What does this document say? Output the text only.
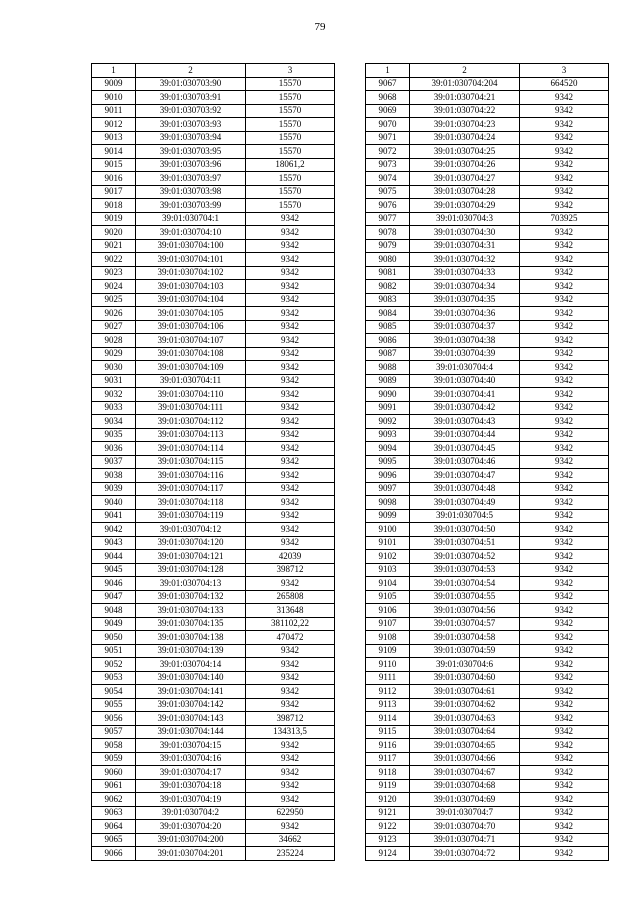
79
1	2	3
9009	39:01:030703:90	15570
9010	39:01:030703:91	15570
9011	39:01:030703:92	15570
9012	39:01:030703:93	15570
9013	39:01:030703:94	15570
9014	39:01:030703:95	15570
9015	39:01:030703:96	18061,2
9016	39:01:030703:97	15570
9017	39:01:030703:98	15570
9018	39:01:030703:99	15570
9019	39:01:030704:1	9342
9020	39:01:030704:10	9342
9021	39:01:030704:100	9342
9022	39:01:030704:101	9342
9023	39:01:030704:102	9342
9024	39:01:030704:103	9342
9025	39:01:030704:104	9342
9026	39:01:030704:105	9342
9027	39:01:030704:106	9342
9028	39:01:030704:107	9342
9029	39:01:030704:108	9342
9030	39:01:030704:109	9342
9031	39:01:030704:11	9342
9032	39:01:030704:110	9342
9033	39:01:030704:111	9342
9034	39:01:030704:112	9342
9035	39:01:030704:113	9342
9036	39:01:030704:114	9342
9037	39:01:030704:115	9342
9038	39:01:030704:116	9342
9039	39:01:030704:117	9342
9040	39:01:030704:118	9342
9041	39:01:030704:119	9342
9042	39:01:030704:12	9342
9043	39:01:030704:120	9342
9044	39:01:030704:121	42039
9045	39:01:030704:128	398712
9046	39:01:030704:13	9342
9047	39:01:030704:132	265808
9048	39:01:030704:133	313648
9049	39:01:030704:135	381102,22
9050	39:01:030704:138	470472
9051	39:01:030704:139	9342
9052	39:01:030704:14	9342
9053	39:01:030704:140	9342
9054	39:01:030704:141	9342
9055	39:01:030704:142	9342
9056	39:01:030704:143	398712
9057	39:01:030704:144	134313,5
9058	39:01:030704:15	9342
9059	39:01:030704:16	9342
9060	39:01:030704:17	9342
9061	39:01:030704:18	9342
9062	39:01:030704:19	9342
9063	39:01:030704:2	622950
9064	39:01:030704:20	9342
9065	39:01:030704:200	34662
9066	39:01:030704:201	235224
1	2	3
9067	39:01:030704:204	664520
9068	39:01:030704:21	9342
9069	39:01:030704:22	9342
9070	39:01:030704:23	9342
9071	39:01:030704:24	9342
9072	39:01:030704:25	9342
9073	39:01:030704:26	9342
9074	39:01:030704:27	9342
9075	39:01:030704:28	9342
9076	39:01:030704:29	9342
9077	39:01:030704:3	703925
9078	39:01:030704:30	9342
9079	39:01:030704:31	9342
9080	39:01:030704:32	9342
9081	39:01:030704:33	9342
9082	39:01:030704:34	9342
9083	39:01:030704:35	9342
9084	39:01:030704:36	9342
9085	39:01:030704:37	9342
9086	39:01:030704:38	9342
9087	39:01:030704:39	9342
9088	39:01:030704:4	9342
9089	39:01:030704:40	9342
9090	39:01:030704:41	9342
9091	39:01:030704:42	9342
9092	39:01:030704:43	9342
9093	39:01:030704:44	9342
9094	39:01:030704:45	9342
9095	39:01:030704:46	9342
9096	39:01:030704:47	9342
9097	39:01:030704:48	9342
9098	39:01:030704:49	9342
9099	39:01:030704:5	9342
9100	39:01:030704:50	9342
9101	39:01:030704:51	9342
9102	39:01:030704:52	9342
9103	39:01:030704:53	9342
9104	39:01:030704:54	9342
9105	39:01:030704:55	9342
9106	39:01:030704:56	9342
9107	39:01:030704:57	9342
9108	39:01:030704:58	9342
9109	39:01:030704:59	9342
9110	39:01:030704:6	9342
9111	39:01:030704:60	9342
9112	39:01:030704:61	9342
9113	39:01:030704:62	9342
9114	39:01:030704:63	9342
9115	39:01:030704:64	9342
9116	39:01:030704:65	9342
9117	39:01:030704:66	9342
9118	39:01:030704:67	9342
9119	39:01:030704:68	9342
9120	39:01:030704:69	9342
9121	39:01:030704:7	9342
9122	39:01:030704:70	9342
9123	39:01:030704:71	9342
9124	39:01:030704:72	9342
